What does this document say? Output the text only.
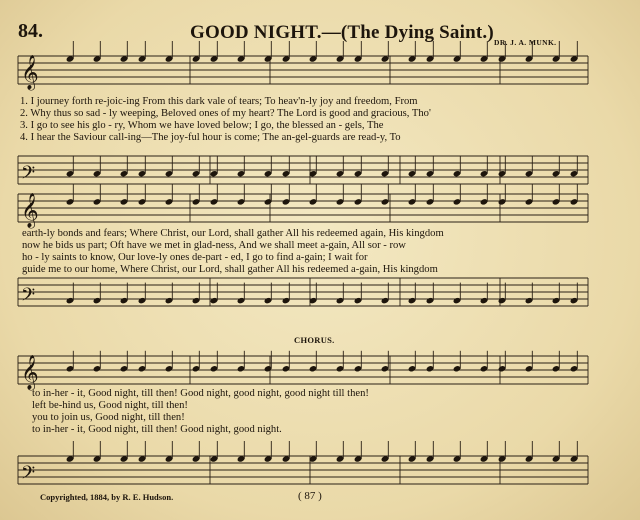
𝄞
𝄢
𝄞
𝄢
𝄞
𝄢
84.	GOOD NIGHT.—(The Dying Saint.) DR. J. A. MUNK.
1. I journey forth re-joic-ing From this dark vale of tears; To heav'n-ly joy and freedom, From
2. Why thus so sad - ly weeping, Beloved ones of my heart? The Lord is good and gracious, Tho'
3. I go to see his glo - ry, Whom we have loved below; I go, the blessed an - gels, The
4. I hear the Saviour call-ing—The joy-ful hour is come; The an-gel-guards are read-y, To
earth-ly bonds and fears; Where Christ, our Lord, shall gather All his redeemed again, His kingdom
now he bids us part; Oft have we met in glad-ness, And we shall meet a-gain, All sor - row
ho - ly saints to know, Our love-ly ones de-part - ed, I go to find a-gain; I wait for
guide me to our home, Where Christ, our Lord, shall gather All his redeemed a-gain, His kingdom
CHORUS.
to in-her - it, Good night, till then! Good night, good night, good night till then!
left be-hind us, Good night, till then!
you to join us, Good night, till then!
to in-her - it, Good night, till then! Good night, good night.
Copyrighted, 1884, by R. E. Hudson.	( 87 )
